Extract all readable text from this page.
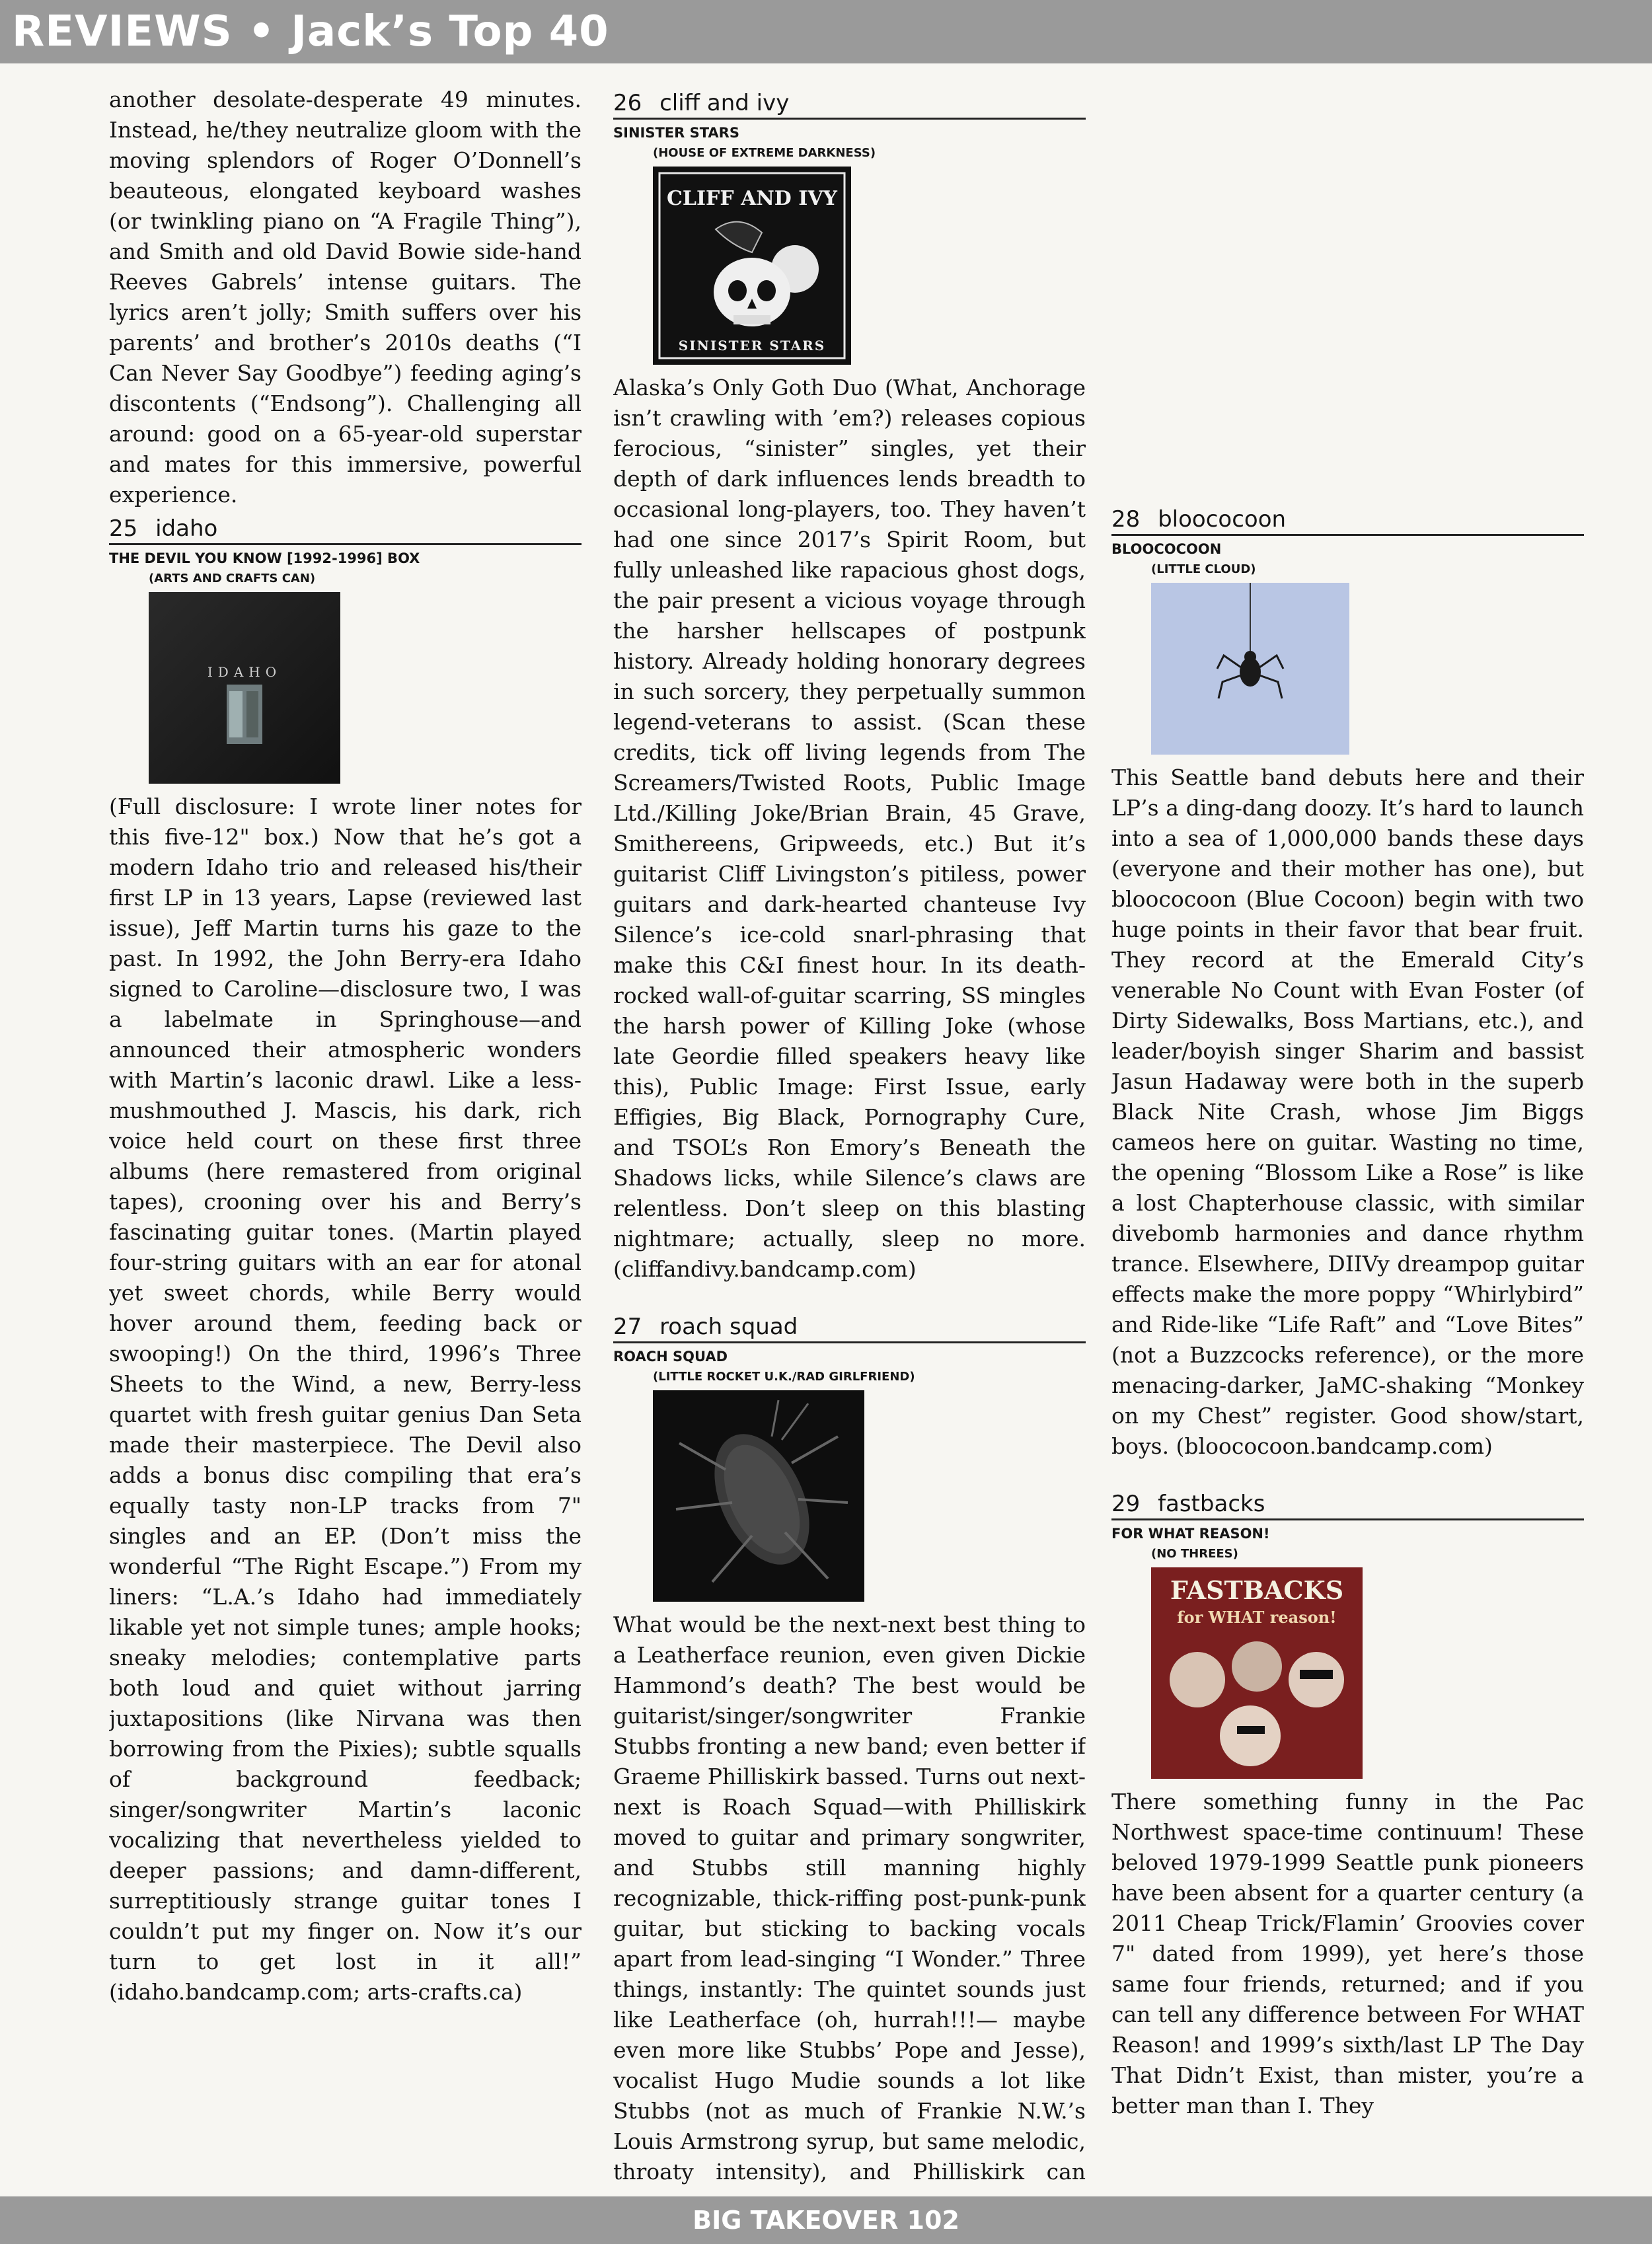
REVIEWS • Jack’s Top 40

another desolate-desperate 49 minutes. Instead, he/they neutralize gloom with the moving splendors of Roger O’Donnell’s beauteous, elongated keyboard washes (or twinkling piano on “A Fragile Thing”), and Smith and old David Bowie side-hand Reeves Gabrels’ intense guitars. The lyrics aren’t jolly; Smith suffers over his parents’ and brother’s 2010s deaths (“I Can Never Say Goodbye”) feeding aging’s discontents (“Endsong”). Challenging all around: good on a 65-year-old superstar and mates for this immersive, powerful experience.

25 idaho
THE DEVIL YOU KNOW [1992-1996] BOX
(ARTS AND CRAFTS CAN)
IDAHO

(Full disclosure: I wrote liner notes for this five-12" box.) Now that he’s got a modern Idaho trio and released his/their first LP in 13 years, Lapse (reviewed last issue), Jeff Martin turns his gaze to the past. In 1992, the John Berry-era Idaho signed to Caroline—disclosure two, I was a labelmate in Springhouse—and announced their atmospheric wonders with Martin’s laconic drawl. Like a less-mushmouthed J. Mascis, his dark, rich voice held court on these first three albums (here remastered from original tapes), crooning over his and Berry’s fascinating guitar tones. (Martin played four-string guitars with an ear for atonal yet sweet chords, while Berry would hover around them, feeding back or swooping!) On the third, 1996’s Three Sheets to the Wind, a new, Berry-less quartet with fresh guitar genius Dan Seta made their masterpiece. The Devil also adds a bonus disc compiling that era’s equally tasty non-LP tracks from 7" singles and an EP. (Don’t miss the wonderful “The Right Escape.”) From my liners: “L.A.’s Idaho had immediately likable yet not simple tunes; ample hooks; sneaky melodies; contemplative parts both loud and quiet without jarring juxtapositions (like Nirvana was then borrowing from the Pixies); subtle squalls of background feedback; singer/songwriter Martin’s laconic vocalizing that nevertheless yielded to deeper passions; and damn-different, surreptitiously strange guitar tones I couldn’t put my finger on. Now it’s our turn to get lost in it all!” (idaho.bandcamp.com; arts-crafts.ca)

26 cliff and ivy
SINISTER STARS
(HOUSE OF EXTREME DARKNESS)
CLIFF AND IVY
SINISTER STARS

Alaska’s Only Goth Duo (What, Anchorage isn’t crawling with ’em?) releases copious ferocious, “sinister” singles, yet their depth of dark influences lends breadth to occasional long-players, too. They haven’t had one since 2017’s Spirit Room, but fully unleashed like rapacious ghost dogs, the pair present a vicious voyage through the harsher hellscapes of postpunk history. Already holding honorary degrees in such sorcery, they perpetually summon legend-veterans to assist. (Scan these credits, tick off living legends from The Screamers/Twisted Roots, Public Image Ltd./Killing Joke/Brian Brain, 45 Grave, Smithereens, Gripweeds, etc.) But it’s guitarist Cliff Livingston’s pitiless, power guitars and dark-hearted chanteuse Ivy Silence’s ice-cold snarl-phrasing that make this C&I finest hour. In its death-rocked wall-of-guitar scarring, SS mingles the harsh power of Killing Joke (whose late Geordie filled speakers heavy like this), Public Image: First Issue, early Effigies, Big Black, Pornography Cure, and TSOL’s Ron Emory’s Beneath the Shadows licks, while Silence’s claws are relentless. Don’t sleep on this blasting nightmare; actually, sleep no more. (cliffandivy.bandcamp.com)

27 roach squad
ROACH SQUAD
(LITTLE ROCKET U.K./RAD GIRLFRIEND)

What would be the next-next best thing to a Leatherface reunion, even given Dickie Hammond’s death? The best would be guitarist/singer/songwriter Frankie Stubbs fronting a new band; even better if Graeme Philliskirk bassed. Turns out next-next is Roach Squad—with Philliskirk moved to guitar and primary songwriter, and Stubbs still manning highly recognizable, thick-riffing post-punk-punk guitar, but sticking to backing vocals apart from lead-singing “I Wonder.” Three things, instantly: The quintet sounds just like Leatherface (oh, hurrah!!!— maybe even more like Stubbs’ Pope and Jesse), vocalist Hugo Mudie sounds a lot like Stubbs (not as much of Frankie N.W.’s Louis Armstrong syrup, but same melodic, throaty intensity), and Philliskirk can

28 bloococoon
BLOOCOCOON
(LITTLE CLOUD)

This Seattle band debuts here and their LP’s a ding-dang doozy. It’s hard to launch into a sea of 1,000,000 bands these days (everyone and their mother has one), but bloococoon (Blue Cocoon) begin with two huge points in their favor that bear fruit. They record at the Emerald City’s venerable No Count with Evan Foster (of Dirty Sidewalks, Boss Martians, etc.), and leader/boyish singer Sharim and bassist Jasun Hadaway were both in the superb Black Nite Crash, whose Jim Biggs cameos here on guitar. Wasting no time, the opening “Blossom Like a Rose” is like a lost Chapterhouse classic, with similar divebomb harmonies and dance rhythm trance. Elsewhere, DIIVy dreampop guitar effects make the more poppy “Whirlybird” and Ride-like “Life Raft” and “Love Bites” (not a Buzzcocks reference), or the more menacing-darker, JaMC-shaking “Monkey on my Chest” register. Good show/start, boys. (bloococoon.bandcamp.com)

29 fastbacks
FOR WHAT REASON!
(NO THREES)
FASTBACKS
for WHAT reason!

There something funny in the Pac Northwest space-time continuum! These beloved 1979-1999 Seattle punk pioneers have been absent for a quarter century (a 2011 Cheap Trick/Flamin’ Groovies cover 7" dated from 1999), yet here’s those same four friends, returned; and if you can tell any difference between For WHAT Reason! and 1999’s sixth/last LP The Day That Didn’t Exist, than mister, you’re a better man than I. They

BIG TAKEOVER 102
